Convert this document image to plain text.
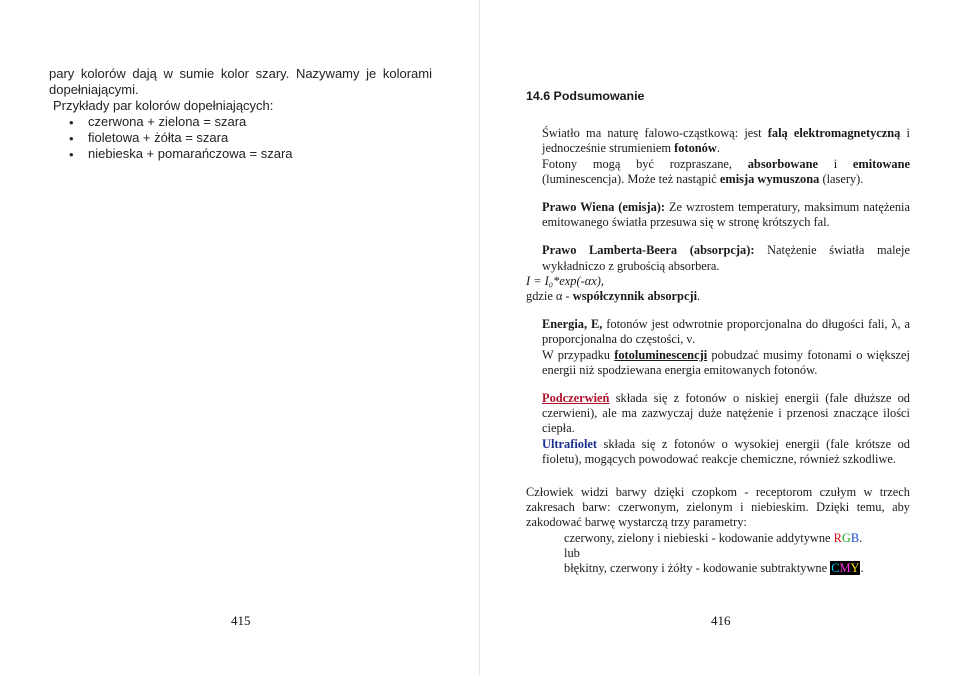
pary kolorów dają w sumie kolor szary. Nazywamy je kolorami

dopełniającymi.

Przykłady par kolorów dopełniających:

• czerwona + zielona = szara
• fioletowa + żółta = szara
• niebieska + pomarańczowa = szara
415
14.6 Podsumowanie

Światło ma naturę falowo-cząstkową: jest falą elektromagnetyczną i jednocześnie strumieniem fotonów.

Fotony mogą być rozpraszane, absorbowane i emitowane (luminescencja). Może też nastąpić emisja wymuszona (lasery).

Prawo Wiena (emisja): Ze wzrostem temperatury, maksimum natężenia emitowanego światła przesuwa się w stronę krótszych fal.

Prawo Lamberta-Beera (absorpcja): Natężenie światła maleje wykładniczo z grubością absorbera.

I = I₀*exp(-αx),

gdzie α - współczynnik absorpcji.

Energia, E, fotonów jest odwrotnie proporcjonalna do długości fali, λ, a proporcjonalna do częstości, ν.

W przypadku fotoluminescencji pobudzać musimy fotonami o większej energii niż spodziewana energia emitowanych fotonów.

Podczerwień składa się z fotonów o niskiej energii (fale dłuższe od czerwieni), ale ma zazwyczaj duże natężenie i przenosi znaczące ilości ciepła.

Ultrafiolet składa się z fotonów o wysokiej energii (fale krótsze od fioletu), mogących powodować reakcje chemiczne, również szkodliwe.

Człowiek widzi barwy dzięki czopkom - receptorom czułym w trzech zakresach barw: czerwonym, zielonym i niebieskim. Dzięki temu, aby zakodować barwę wystarczą trzy parametry:

czerwony, zielony i niebieski - kodowanie addytywne RGB.

lub

błękitny, czerwony i żółty - kodowanie subtraktywne CMY.

416
